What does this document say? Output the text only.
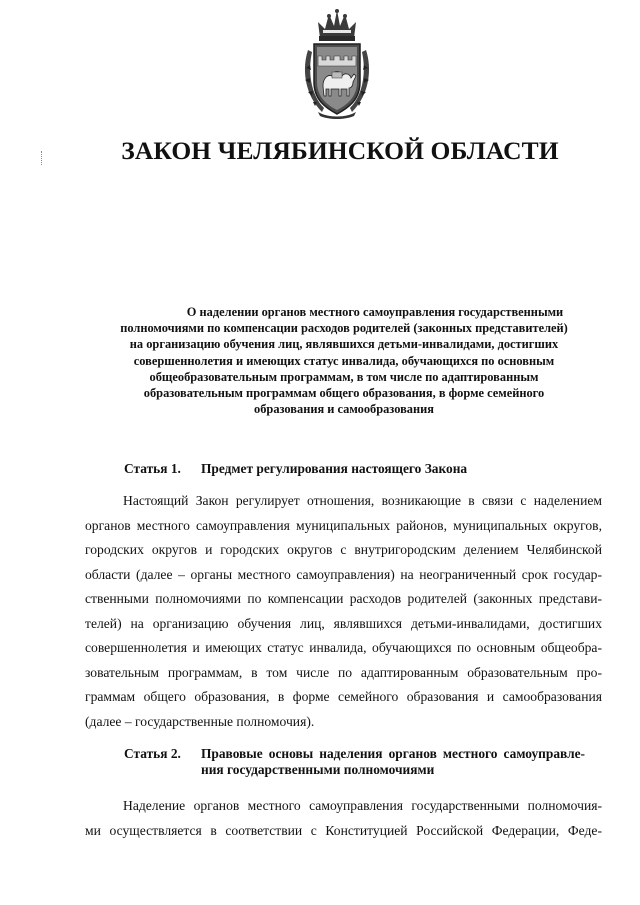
ЗАКОН ЧЕЛЯБИНСКОЙ ОБЛАСТИ
О наделении органов местного самоуправления государственными
полномочиями по компенсации расходов родителей (законных представителей)
на организацию обучения лиц, являвшихся детьми-инвалидами, достигших
совершеннолетия и имеющих статус инвалида, обучающихся по основным
общеобразовательным программам, в том числе по адаптированным
образовательным программам общего образования, в форме семейного
образования и самообразования
Статья 1. Предмет регулирования настоящего Закона
Настоящий Закон регулирует отношения, возникающие в связи с наделением
органов местного самоуправления муниципальных районов, муниципальных округов,
городских округов и городских округов с внутригородским делением Челябинской
области (далее – органы местного самоуправления) на неограниченный срок государ-
ственными полномочиями по компенсации расходов родителей (законных представи-
телей) на организацию обучения лиц, являвшихся детьми-инвалидами, достигших
совершеннолетия и имеющих статус инвалида, обучающихся по основным общеобра-
зовательным программам, в том числе по адаптированным образовательным про-
граммам общего образования, в форме семейного образования и самообразования
(далее – государственные полномочия).
Статья 2. Правовые основы наделения органов местного самоуправле-
ния государственными полномочиями
Наделение органов местного самоуправления государственными полномочия-
ми осуществляется в соответствии с Конституцией Российской Федерации, Феде-
